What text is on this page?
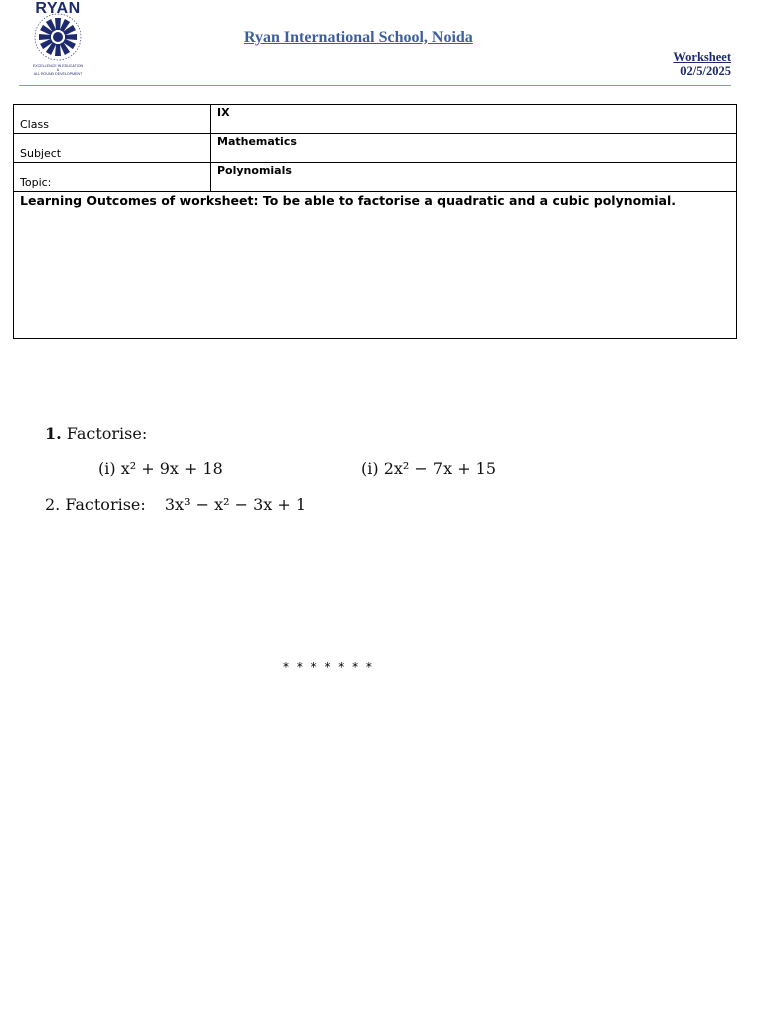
RYAN
EXCELLENCE IN EDUCATION
&
ALL ROUND DEVELOPMENT
Ryan International School, Noida
Worksheet
02/5/2025
Class	IX
Subject	Mathematics
Topic:	Polynomials
Learning Outcomes of worksheet: To be able to factorise a quadratic and a cubic polynomial.	
1. Factorise:
(i) x² + 9x + 18	(i) 2x² − 7x + 15
2. Factorise: 3x³ − x² − 3x + 1
* * * * * * *
